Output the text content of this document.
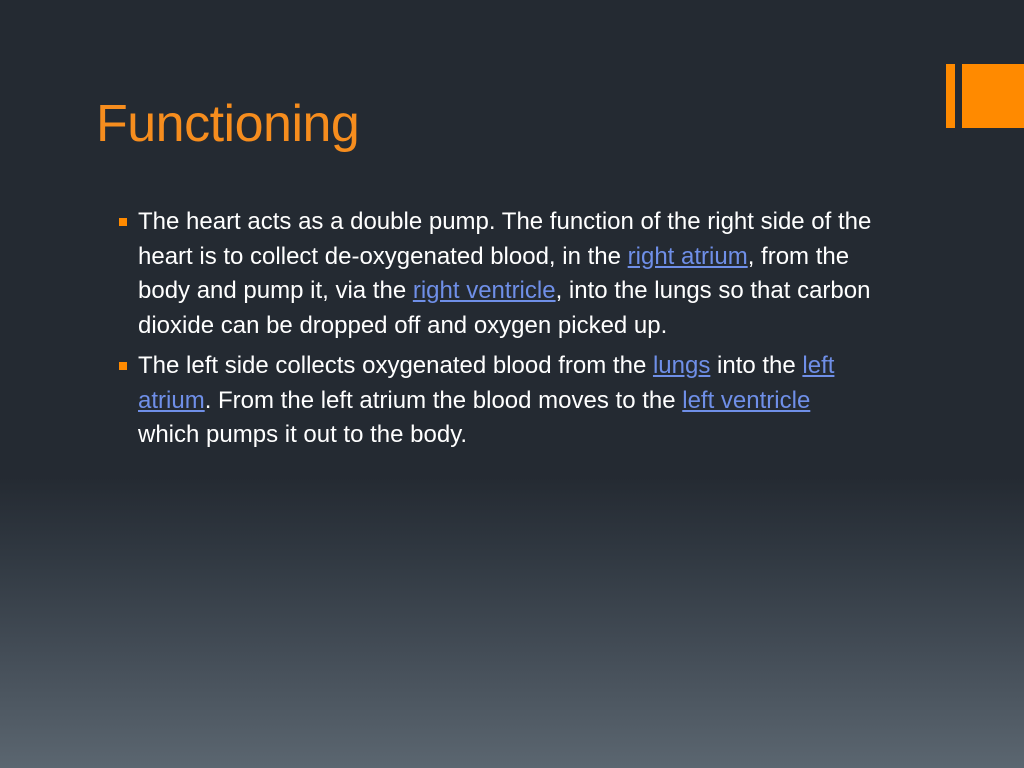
Functioning
The heart acts as a double pump. The function of the right side of the heart is to collect de-oxygenated blood, in the right atrium, from the body and pump it, via the right ventricle, into the lungs so that carbon dioxide can be dropped off and oxygen picked up.
The left side collects oxygenated blood from the lungs into the left atrium. From the left atrium the blood moves to the left ventricle which pumps it out to the body.
